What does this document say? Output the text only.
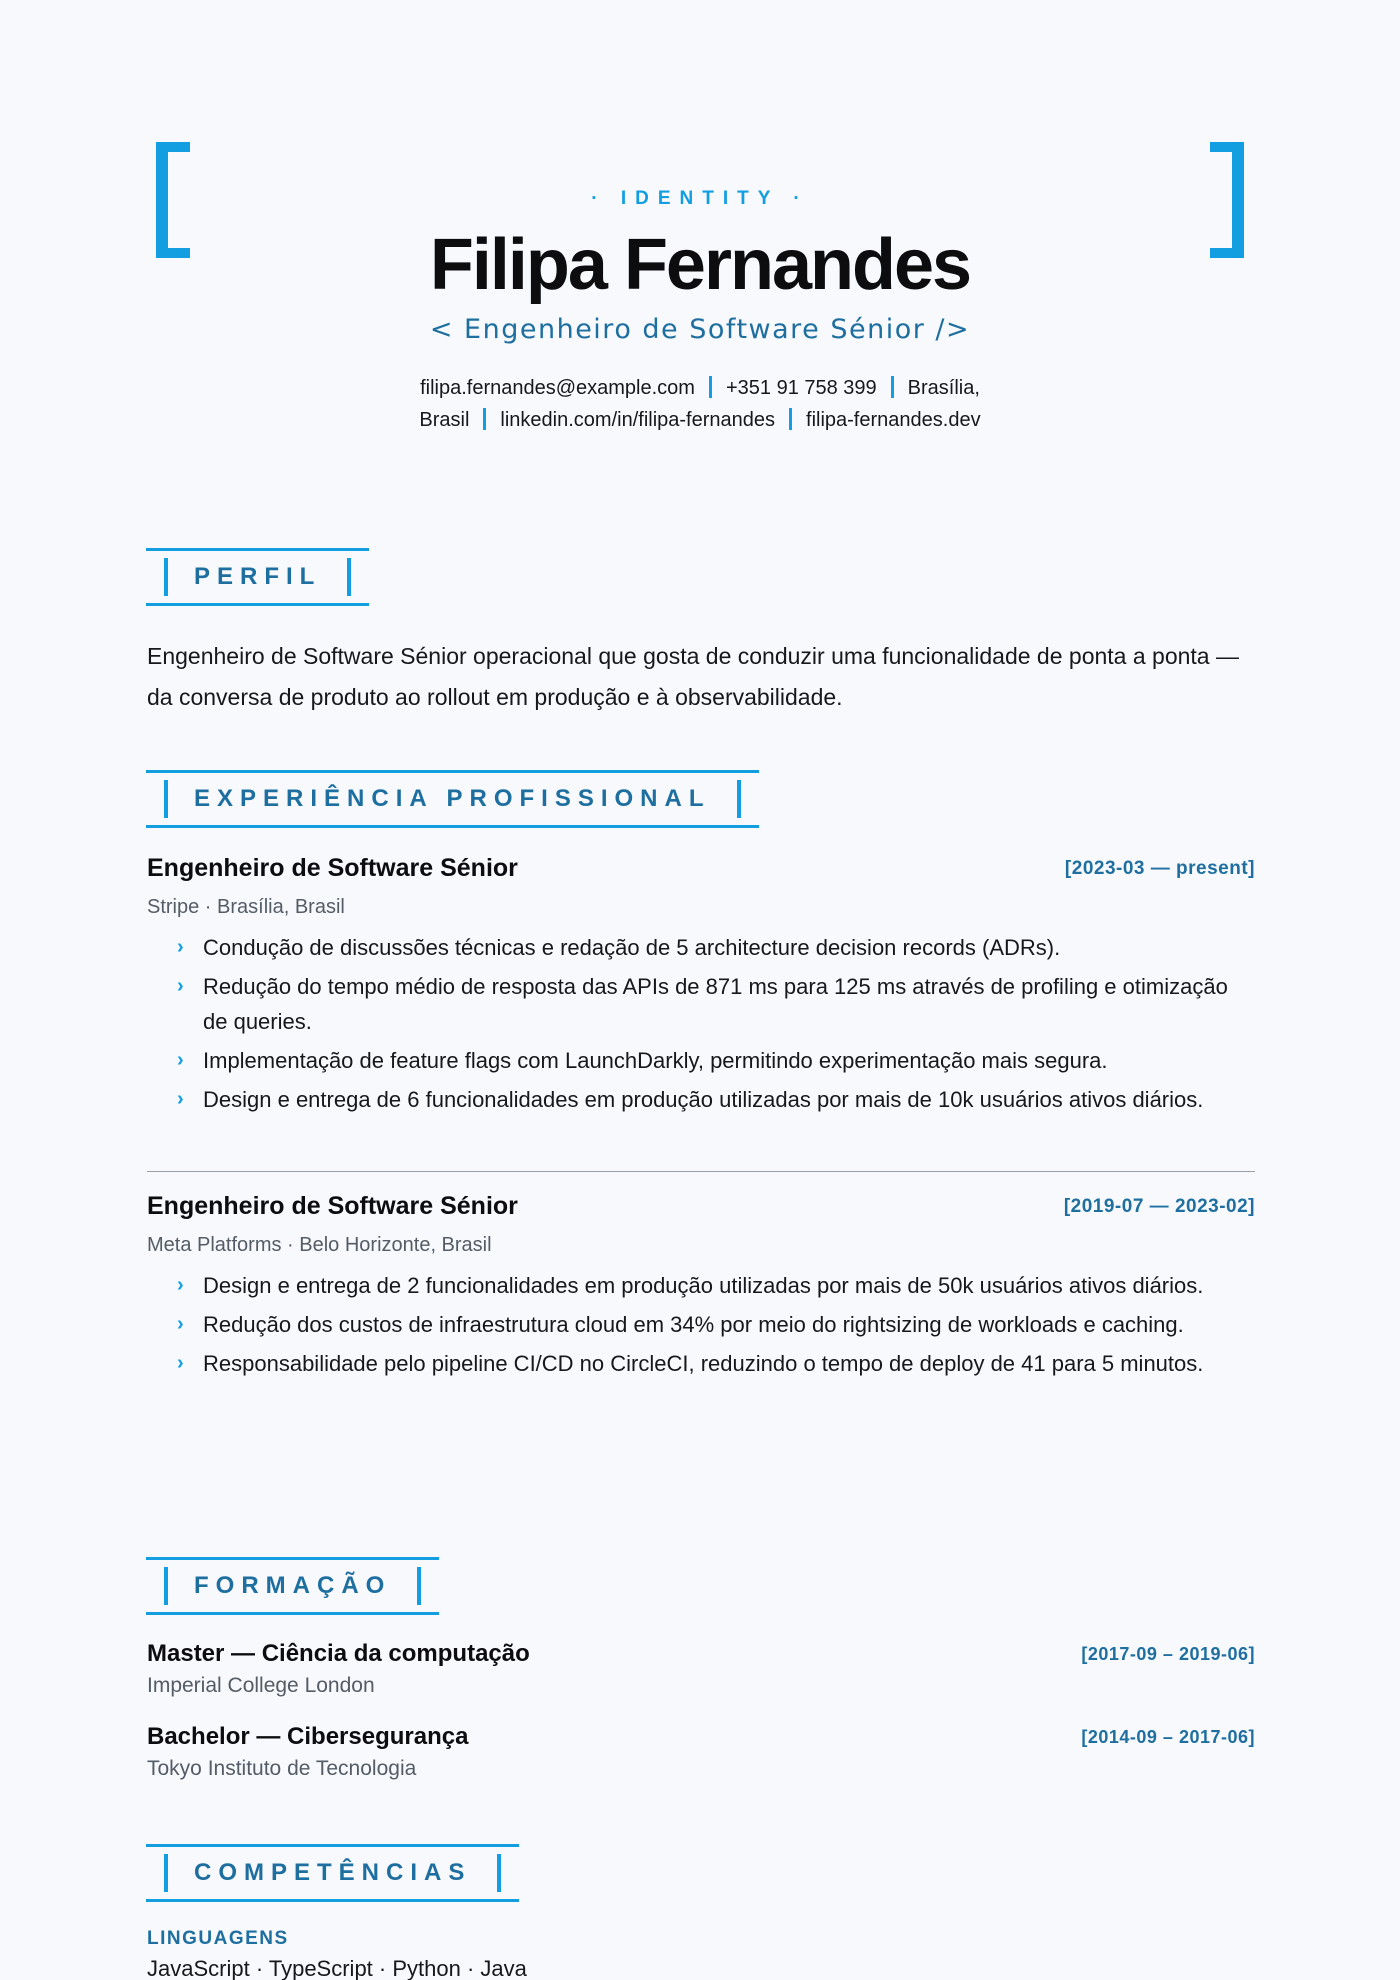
· IDENTITY ·
Filipa Fernandes
< Engenheiro de Software Sénior />
filipa.fernandes@example.com +351 91 758 399 Brasília,
Brasil linkedin.com/in/filipa-fernandes filipa-fernandes.dev
PERFIL
Engenheiro de Software Sénior operacional que gosta de conduzir uma funcionalidade de ponta a ponta — da conversa de produto ao rollout em produção e à observabilidade.
EXPERIÊNCIA PROFISSIONAL
Engenheiro de Software Sénior	[2023-03 — present]
Stripe · Brasília, Brasil
› Condução de discussões técnicas e redação de 5 architecture decision records (ADRs).
› Redução do tempo médio de resposta das APIs de 871 ms para 125 ms através de profiling e otimização de queries.
› Implementação de feature flags com LaunchDarkly, permitindo experimentação mais segura.
› Design e entrega de 6 funcionalidades em produção utilizadas por mais de 10k usuários ativos diários.
Engenheiro de Software Sénior	[2019-07 — 2023-02]
Meta Platforms · Belo Horizonte, Brasil
› Design e entrega de 2 funcionalidades em produção utilizadas por mais de 50k usuários ativos diários.
› Redução dos custos de infraestrutura cloud em 34% por meio do rightsizing de workloads e caching.
› Responsabilidade pelo pipeline CI/CD no CircleCI, reduzindo o tempo de deploy de 41 para 5 minutos.
FORMAÇÃO
Master — Ciência da computação	[2017-09 – 2019-06]
Imperial College London
Bachelor — Cibersegurança	[2014-09 – 2017-06]
Tokyo Instituto de Tecnologia
COMPETÊNCIAS
LINGUAGENS
JavaScript · TypeScript · Python · Java
